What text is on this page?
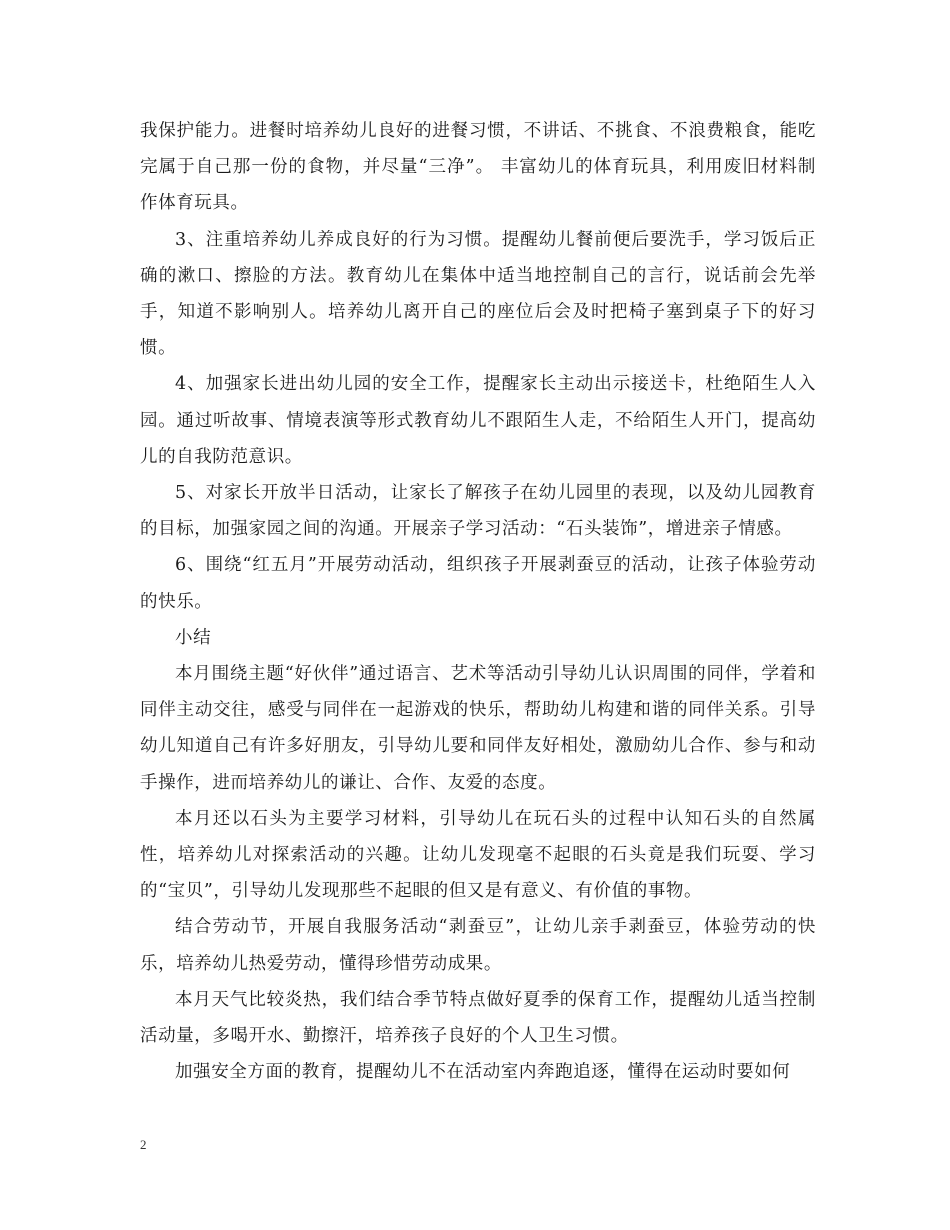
我保护能力。进餐时培养幼儿良好的进餐习惯，不讲话、不挑食、不浪费粮食，能吃完属于自己那一份的食物，并尽量“三净”。 丰富幼儿的体育玩具，利用废旧材料制作体育玩具。

3、注重培养幼儿养成良好的行为习惯。提醒幼儿餐前便后要洗手，学习饭后正确的漱口、擦脸的方法。教育幼儿在集体中适当地控制自己的言行，说话前会先举手，知道不影响别人。培养幼儿离开自己的座位后会及时把椅子塞到桌子下的好习惯。

4、加强家长进出幼儿园的安全工作，提醒家长主动出示接送卡，杜绝陌生人入园。通过听故事、情境表演等形式教育幼儿不跟陌生人走，不给陌生人开门，提高幼儿的自我防范意识。

5、对家长开放半日活动，让家长了解孩子在幼儿园里的表现，以及幼儿园教育的目标，加强家园之间的沟通。开展亲子学习活动：“石头装饰”，增进亲子情感。

6、围绕“红五月”开展劳动活动，组织孩子开展剥蚕豆的活动，让孩子体验劳动的快乐。

小结

本月围绕主题“好伙伴”通过语言、艺术等活动引导幼儿认识周围的同伴，学着和同伴主动交往，感受与同伴在一起游戏的快乐，帮助幼儿构建和谐的同伴关系。引导幼儿知道自己有许多好朋友，引导幼儿要和同伴友好相处，激励幼儿合作、参与和动手操作，进而培养幼儿的谦让、合作、友爱的态度。

本月还以石头为主要学习材料，引导幼儿在玩石头的过程中认知石头的自然属性，培养幼儿对探索活动的兴趣。让幼儿发现毫不起眼的石头竟是我们玩耍、学习的“宝贝”，引导幼儿发现那些不起眼的但又是有意义、有价值的事物。

结合劳动节，开展自我服务活动“剥蚕豆”，让幼儿亲手剥蚕豆，体验劳动的快乐，培养幼儿热爱劳动，懂得珍惜劳动成果。

本月天气比较炎热，我们结合季节特点做好夏季的保育工作，提醒幼儿适当控制活动量，多喝开水、勤擦汗，培养孩子良好的个人卫生习惯。

加强安全方面的教育，提醒幼儿不在活动室内奔跑追逐，懂得在运动时要如何

2
